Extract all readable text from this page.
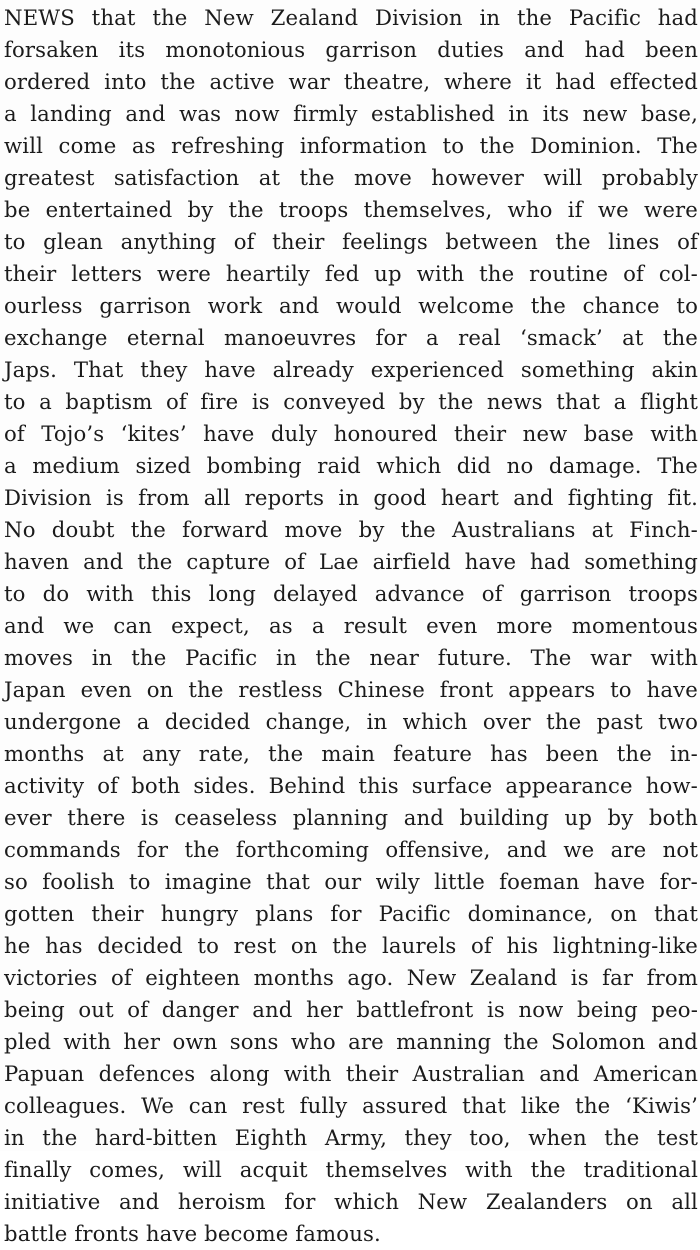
NEWS that the New Zealand Division in the Pacific had
forsaken its monotonious garrison duties and had been
ordered into the active war theatre, where it had effected
a landing and was now firmly established in its new base,
will come as refreshing information to the Dominion. The
greatest satisfaction at the move however will probably
be entertained by the troops themselves, who if we were
to glean anything of their feelings between the lines of
their letters were heartily fed up with the routine of col-
ourless garrison work and would welcome the chance to
exchange eternal manoeuvres for a real ‘smack’ at the
Japs. That they have already experienced something akin
to a baptism of fire is conveyed by the news that a flight
of Tojo’s ‘kites’ have duly honoured their new base with
a medium sized bombing raid which did no damage. The
Division is from all reports in good heart and fighting fit.
No doubt the forward move by the Australians at Finch-
haven and the capture of Lae airfield have had something
to do with this long delayed advance of garrison troops
and we can expect, as a result even more momentous
moves in the Pacific in the near future. The war with
Japan even on the restless Chinese front appears to have
undergone a decided change, in which over the past two
months at any rate, the main feature has been the in-
activity of both sides. Behind this surface appearance how-
ever there is ceaseless planning and building up by both
commands for the forthcoming offensive, and we are not
so foolish to imagine that our wily little foeman have for-
gotten their hungry plans for Pacific dominance, on that
he has decided to rest on the laurels of his lightning-like
victories of eighteen months ago. New Zealand is far from
being out of danger and her battlefront is now being peo-
pled with her own sons who are manning the Solomon and
Papuan defences along with their Australian and American
colleagues. We can rest fully assured that like the ‘Kiwis’
in the hard-bitten Eighth Army, they too, when the test
finally comes, will acquit themselves with the traditional
initiative and heroism for which New Zealanders on all
battle fronts have become famous.
